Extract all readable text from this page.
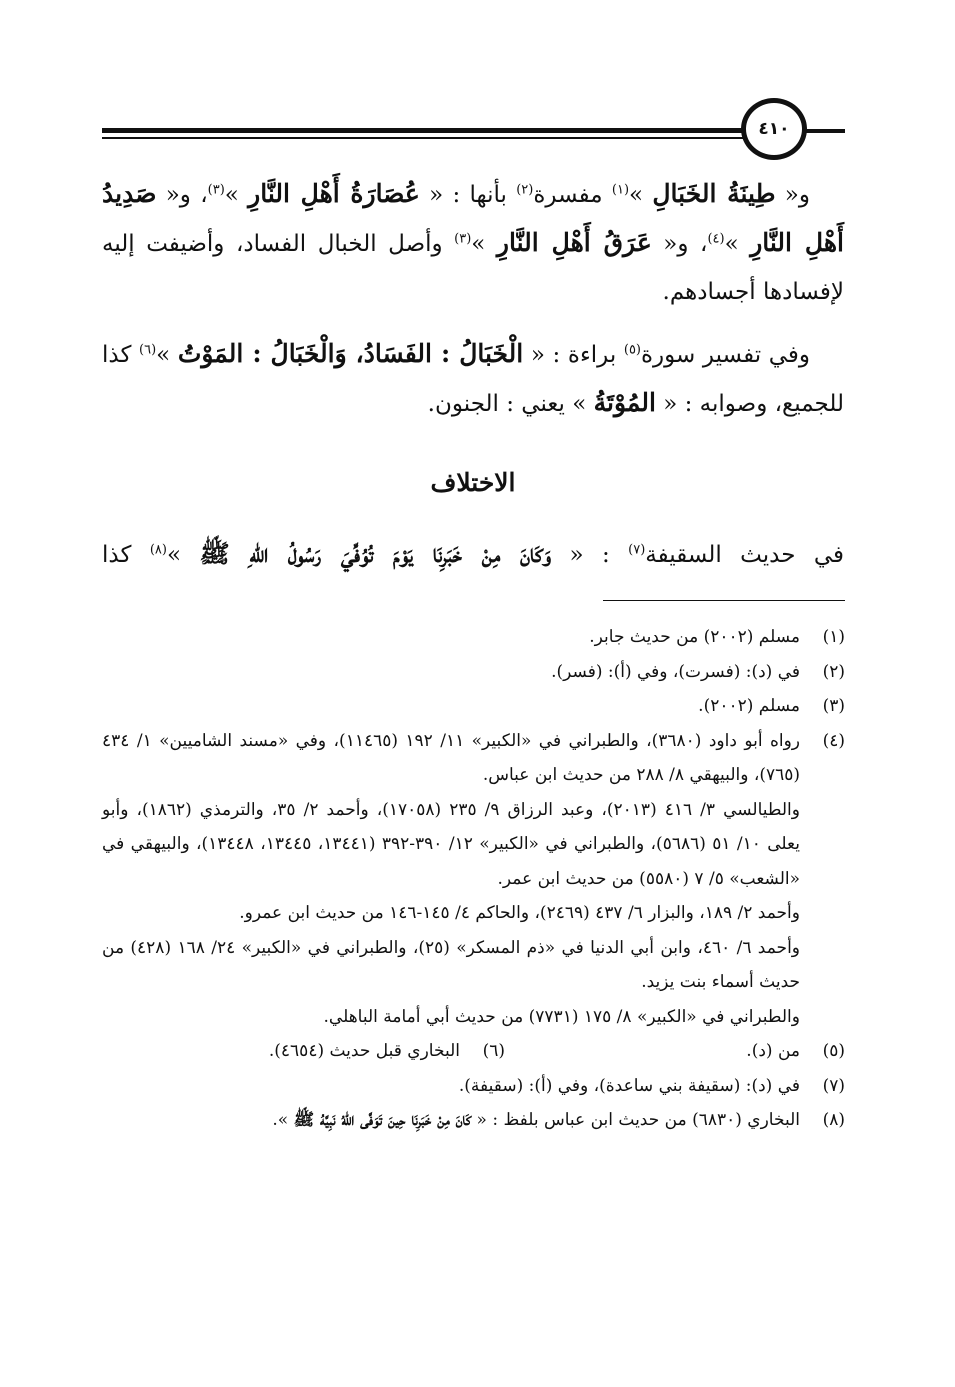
٤١٠

و« طِينَةُ الخَبَالِ »$^{(١)}$ مفسرة$^{(٢)}$ بأنها : « عُصَارَةُ أَهْلِ النَّارِ »$^{(٣)}$، و« صَدِيدُ أَهْلِ النَّارِ »$^{(٤)}$، و« عَرَقُ أَهْلِ النَّارِ »$^{(٣)}$ وأصل الخبال الفساد، وأضيفت إليه لإفسادها أجسادهم.

وفي تفسير سورة$^{(٥)}$ براءة : « الْخَبَالُ : الفَسَادُ، وَالْخَبَالُ : المَوْتُ »$^{(٦)}$ كذا للجميع، وصوابه : « المُوْتَةُ » يعني : الجنون.

الاختلاف
في حديث السقيفة$^{(٧)}$ : « وَكَانَ مِنْ خَبَرِنَا يَوْمَ تُوُفِّيَ رَسُولُ اللهِ ﷺ »$^{(٨)}$ كذا
(١)
مسلم (٢٠٠٢) من حديث جابر.
(٢)
في (د): (فسرت)، وفي (أ): (فسر).
(٣)
مسلم (٢٠٠٢).
(٤)

رواه أبو داود (٣٦٨٠)، والطبراني في «الكبير» ١١/ ١٩٢ (١١٤٦٥)، وفي «مسند الشاميين» ١/ ٤٣٤ (٧٦٥)، والبيهقي ٨/ ٢٨٨ من حديث ابن عباس.

والطيالسي ٣/ ٤١٦ (٢٠١٣)، وعبد الرزاق ٩/ ٢٣٥ (١٧٠٥٨)، وأحمد ٢/ ٣٥، والترمذي (١٨٦٢)، وأبو يعلى ١٠/ ٥١ (٥٦٨٦)، والطبراني في «الكبير» ١٢/ ٣٩٠-٣٩٢ (١٣٤٤١، ١٣٤٤٥، ١٣٤٤٨)، والبيهقي في «الشعب» ٥/ ٧ (٥٥٨٠) من حديث ابن عمر.

وأحمد ٢/ ١٨٩، والبزار ٦/ ٤٣٧ (٢٤٦٩)، والحاكم ٤/ ١٤٥-١٤٦ من حديث ابن عمرو.

وأحمد ٦/ ٤٦٠، وابن أبي الدنيا في «ذم المسكر» (٢٥)، والطبراني في «الكبير» ٢٤/ ١٦٨ (٤٢٨) من حديث أسماء بنت يزيد.

والطبراني في «الكبير» ٨/ ١٧٥ (٧٧٣١) من حديث أبي أمامة الباهلي.

(٥)
من (د).
(٦)
البخاري قبل حديث (٤٦٥٤).
(٧)
في (د): (سقيفة بني ساعدة)، وفي (أ): (سقيفة).
(٨)
البخاري (٦٨٣٠) من حديث ابن عباس بلفظ : « كَانَ مِنْ خَبَرِنَا حِينَ تَوَفَّى اللهُ نَبِيَّهُ ﷺ ».
